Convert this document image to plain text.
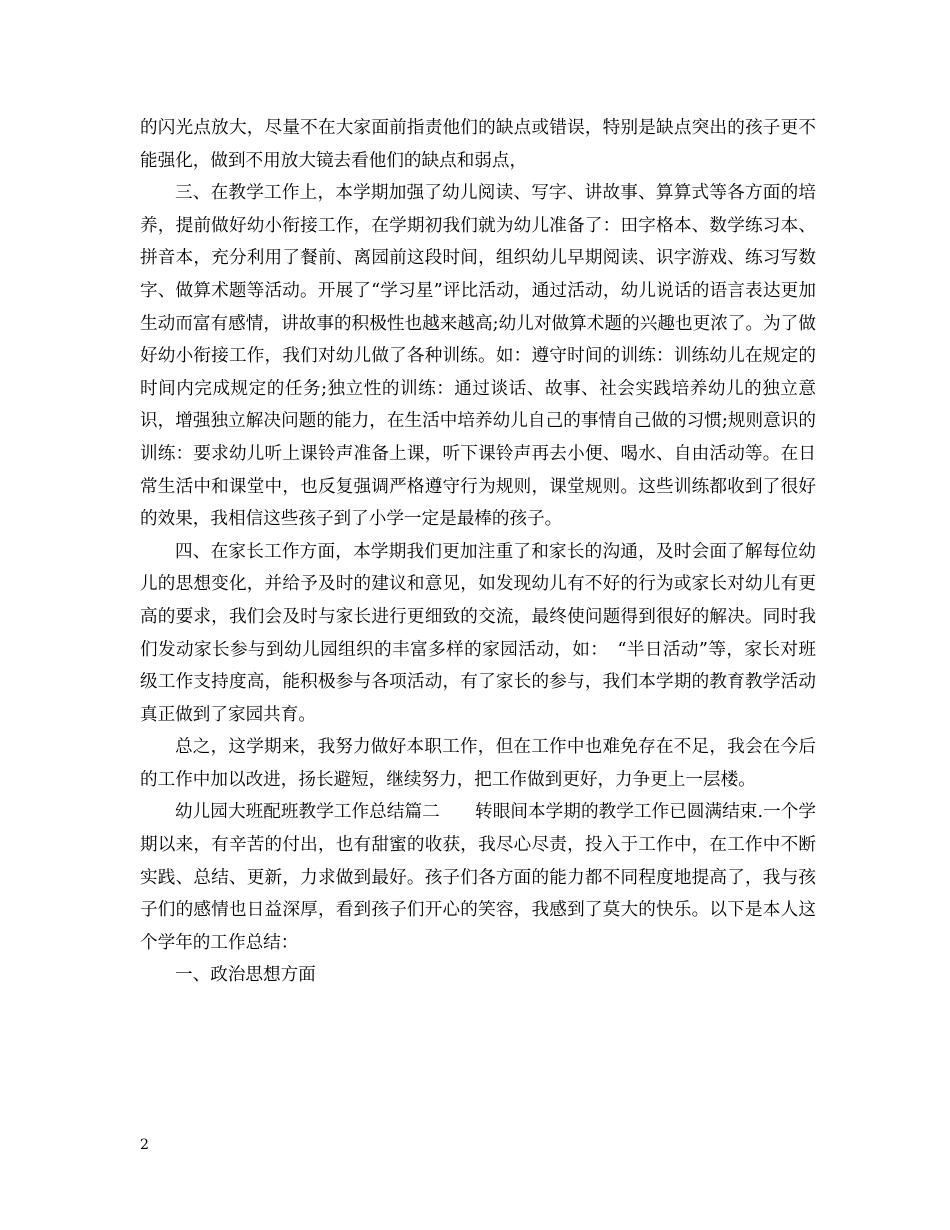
的闪光点放大，尽量不在大家面前指责他们的缺点或错误，特别是缺点突出的孩子更不能强化，做到不用放大镜去看他们的缺点和弱点，

三、在教学工作上，本学期加强了幼儿阅读、写字、讲故事、算算式等各方面的培养，提前做好幼小衔接工作，在学期初我们就为幼儿准备了：田字格本、数学练习本、拼音本，充分利用了餐前、离园前这段时间，组织幼儿早期阅读、识字游戏、练习写数字、做算术题等活动。开展了“学习星”评比活动，通过活动，幼儿说话的语言表达更加生动而富有感情，讲故事的积极性也越来越高;幼儿对做算术题的兴趣也更浓了。为了做好幼小衔接工作，我们对幼儿做了各种训练。如：遵守时间的训练：训练幼儿在规定的时间内完成规定的任务;独立性的训练：通过谈话、故事、社会实践培养幼儿的独立意识，增强独立解决问题的能力，在生活中培养幼儿自己的事情自己做的习惯;规则意识的训练：要求幼儿听上课铃声准备上课，听下课铃声再去小便、喝水、自由活动等。在日常生活中和课堂中，也反复强调严格遵守行为规则，课堂规则。这些训练都收到了很好的效果，我相信这些孩子到了小学一定是最棒的孩子。

四、在家长工作方面，本学期我们更加注重了和家长的沟通，及时会面了解每位幼儿的思想变化，并给予及时的建议和意见，如发现幼儿有不好的行为或家长对幼儿有更高的要求，我们会及时与家长进行更细致的交流，最终使问题得到很好的解决。同时我们发动家长参与到幼儿园组织的丰富多样的家园活动，如：　“半日活动”等，家长对班级工作支持度高，能积极参与各项活动，有了家长的参与，我们本学期的教育教学活动真正做到了家园共育。

总之，这学期来，我努力做好本职工作，但在工作中也难免存在不足，我会在今后的工作中加以改进，扬长避短，继续努力，把工作做到更好，力争更上一层楼。

幼儿园大班配班教学工作总结篇二　　转眼间本学期的教学工作已圆满结束.一个学期以来，有辛苦的付出，也有甜蜜的收获，我尽心尽责，投入于工作中，在工作中不断实践、总结、更新，力求做到最好。孩子们各方面的能力都不同程度地提高了，我与孩子们的感情也日益深厚，看到孩子们开心的笑容，我感到了莫大的快乐。以下是本人这个学年的工作总结：

一、政治思想方面

2
